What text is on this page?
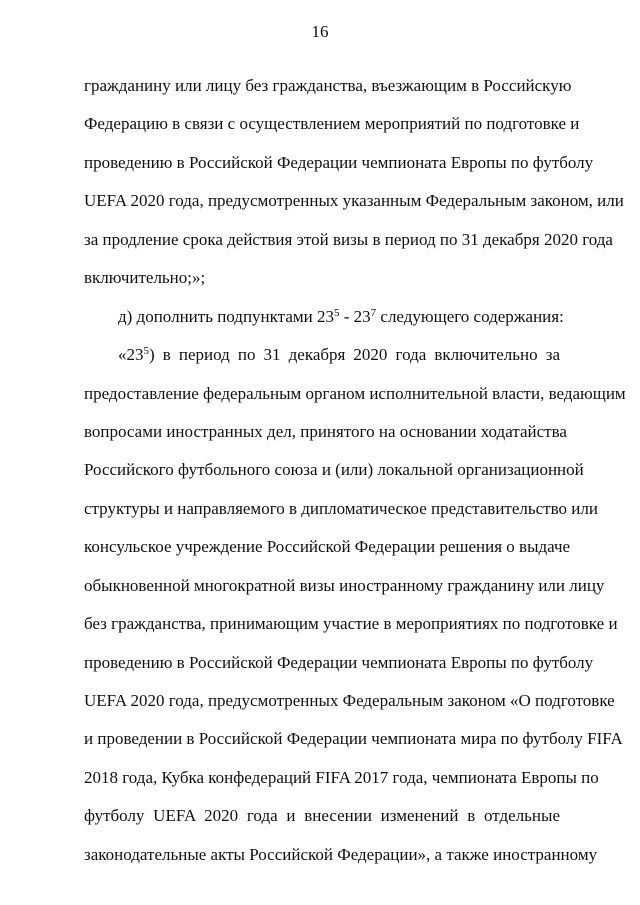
16
гражданину или лицу без гражданства, въезжающим в Российскую
Федерацию в связи с осуществлением мероприятий по подготовке и
проведению в Российской Федерации чемпионата Европы по футболу
UEFA 2020 года, предусмотренных указанным Федеральным законом, или
за продление срока действия этой визы в период по 31 декабря 2020 года
включительно;»;
д) дополнить подпунктами $23^5 - 23^7$ следующего содержания:
«$23^5$) в период по 31 декабря 2020 года включительно за
предоставление федеральным органом исполнительной власти, ведающим
вопросами иностранных дел, принятого на основании ходатайства
Российского футбольного союза и (или) локальной организационной
структуры и направляемого в дипломатическое представительство или
консульское учреждение Российской Федерации решения о выдаче
обыкновенной многократной визы иностранному гражданину или лицу
без гражданства, принимающим участие в мероприятиях по подготовке и
проведению в Российской Федерации чемпионата Европы по футболу
UEFA 2020 года, предусмотренных Федеральным законом «О подготовке
и проведении в Российской Федерации чемпионата мира по футболу FIFA
2018 года, Кубка конфедераций FIFA 2017 года, чемпионата Европы по
футболу UEFA 2020 года и внесении изменений в отдельные
законодательные акты Российской Федерации», а также иностранному
